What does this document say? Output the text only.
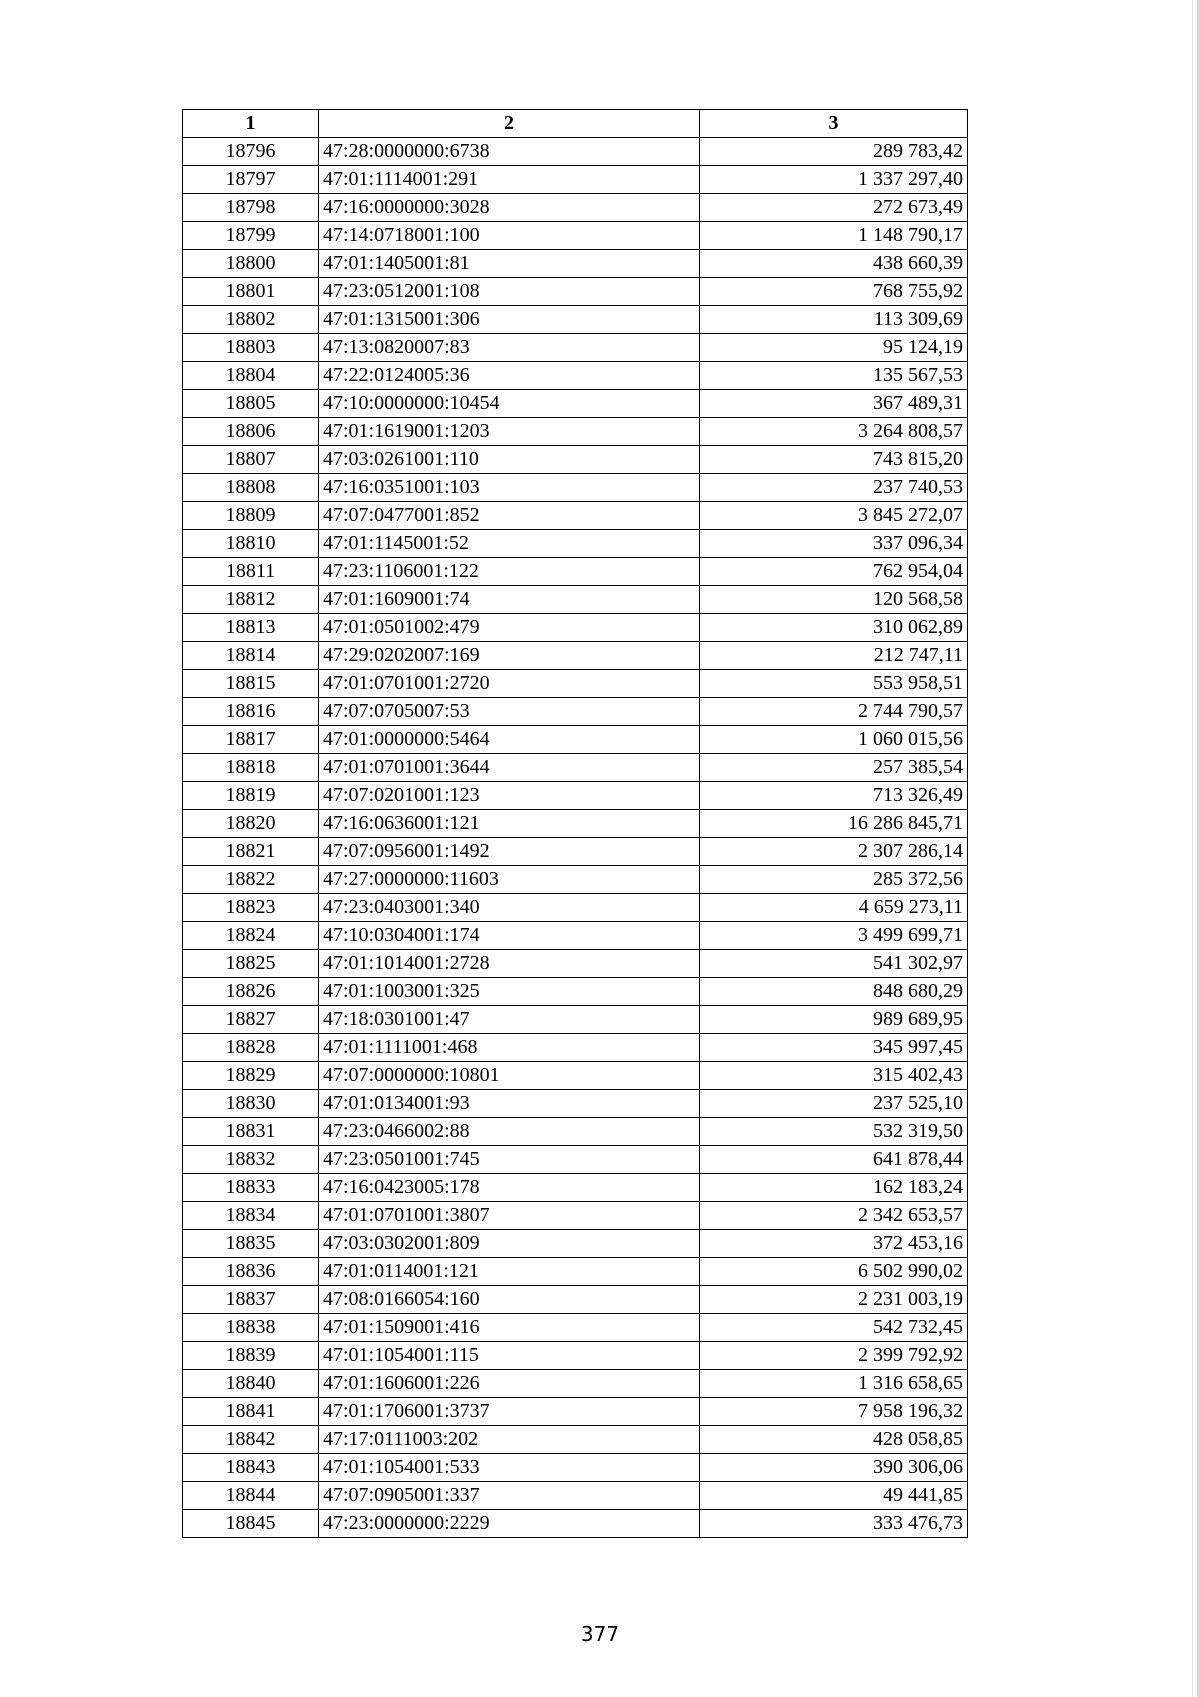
1	2	3
18796	47:28:0000000:6738	289 783,42
18797	47:01:1114001:291	1 337 297,40
18798	47:16:0000000:3028	272 673,49
18799	47:14:0718001:100	1 148 790,17
18800	47:01:1405001:81	438 660,39
18801	47:23:0512001:108	768 755,92
18802	47:01:1315001:306	113 309,69
18803	47:13:0820007:83	95 124,19
18804	47:22:0124005:36	135 567,53
18805	47:10:0000000:10454	367 489,31
18806	47:01:1619001:1203	3 264 808,57
18807	47:03:0261001:110	743 815,20
18808	47:16:0351001:103	237 740,53
18809	47:07:0477001:852	3 845 272,07
18810	47:01:1145001:52	337 096,34
18811	47:23:1106001:122	762 954,04
18812	47:01:1609001:74	120 568,58
18813	47:01:0501002:479	310 062,89
18814	47:29:0202007:169	212 747,11
18815	47:01:0701001:2720	553 958,51
18816	47:07:0705007:53	2 744 790,57
18817	47:01:0000000:5464	1 060 015,56
18818	47:01:0701001:3644	257 385,54
18819	47:07:0201001:123	713 326,49
18820	47:16:0636001:121	16 286 845,71
18821	47:07:0956001:1492	2 307 286,14
18822	47:27:0000000:11603	285 372,56
18823	47:23:0403001:340	4 659 273,11
18824	47:10:0304001:174	3 499 699,71
18825	47:01:1014001:2728	541 302,97
18826	47:01:1003001:325	848 680,29
18827	47:18:0301001:47	989 689,95
18828	47:01:1111001:468	345 997,45
18829	47:07:0000000:10801	315 402,43
18830	47:01:0134001:93	237 525,10
18831	47:23:0466002:88	532 319,50
18832	47:23:0501001:745	641 878,44
18833	47:16:0423005:178	162 183,24
18834	47:01:0701001:3807	2 342 653,57
18835	47:03:0302001:809	372 453,16
18836	47:01:0114001:121	6 502 990,02
18837	47:08:0166054:160	2 231 003,19
18838	47:01:1509001:416	542 732,45
18839	47:01:1054001:115	2 399 792,92
18840	47:01:1606001:226	1 316 658,65
18841	47:01:1706001:3737	7 958 196,32
18842	47:17:0111003:202	428 058,85
18843	47:01:1054001:533	390 306,06
18844	47:07:0905001:337	49 441,85
18845	47:23:0000000:2229	333 476,73
377
